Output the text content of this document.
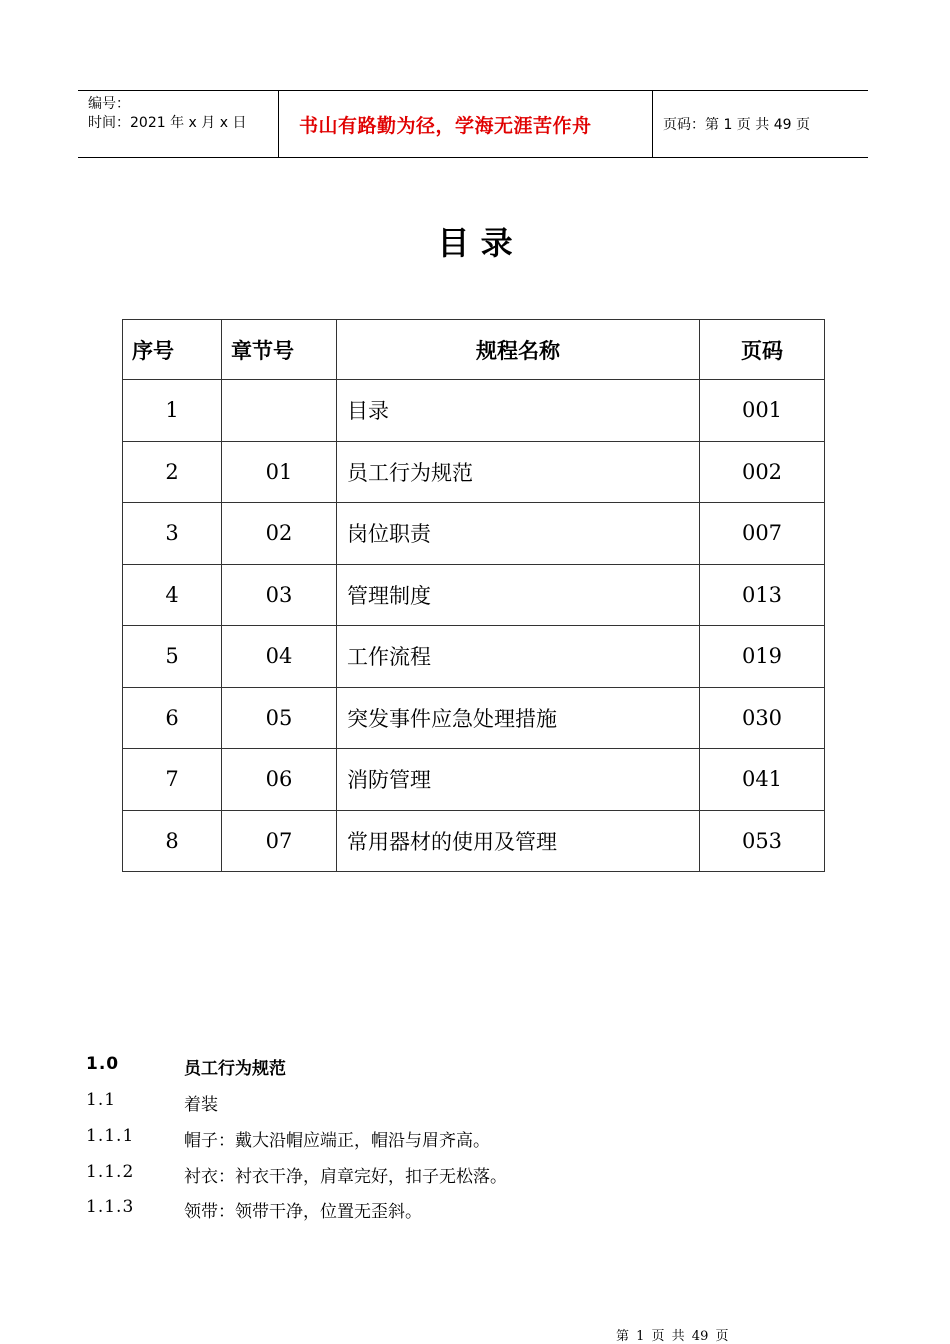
编号：
时间：2021 年 x 月 x 日	书山有路勤为径，学海无涯苦作舟	页码：第 1 页 共 49 页
目 录
序号	章节号	规程名称	页码
1		目录	001
2	01	员工行为规范	002
3	02	岗位职责	007
4	03	管理制度	013
5	04	工作流程	019
6	05	突发事件应急处理措施	030
7	06	消防管理	041
8	07	常用器材的使用及管理	053
1.0	员工行为规范
1.1	着装
1.1.1	帽子：戴大沿帽应端正，帽沿与眉齐高。
1.1.2	衬衣：衬衣干净，肩章完好，扣子无松落。
1.1.3	领带：领带干净，位置无歪斜。
第 1 页 共 49 页
